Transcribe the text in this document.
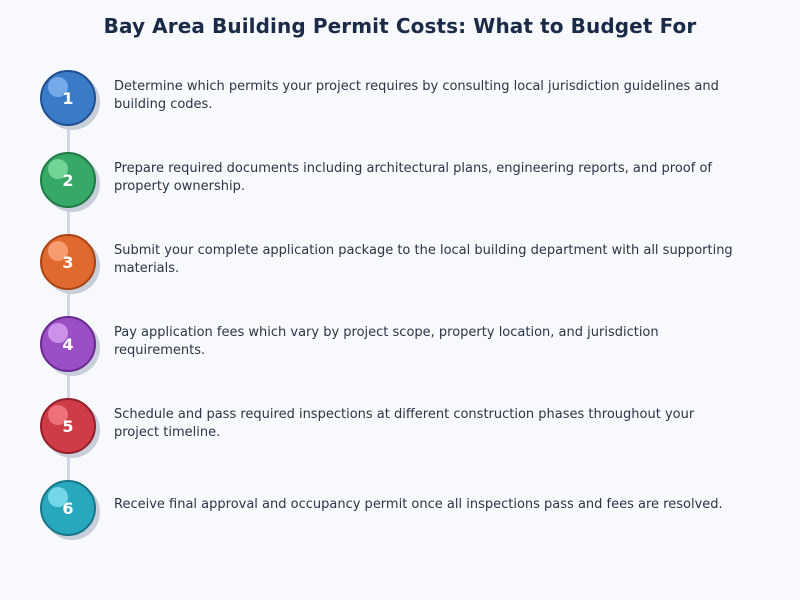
Bay Area Building Permit Costs: What to Budget For
1
Determine which permits your project requires by consulting local jurisdiction guidelines and building codes.
2
Prepare required documents including architectural plans, engineering reports, and proof of property ownership.
3
Submit your complete application package to the local building department with all supporting materials.
4
Pay application fees which vary by project scope, property location, and jurisdiction requirements.
5
Schedule and pass required inspections at different construction phases throughout your project timeline.
6	Receive final approval and occupancy permit once all inspections pass and fees are resolved.
